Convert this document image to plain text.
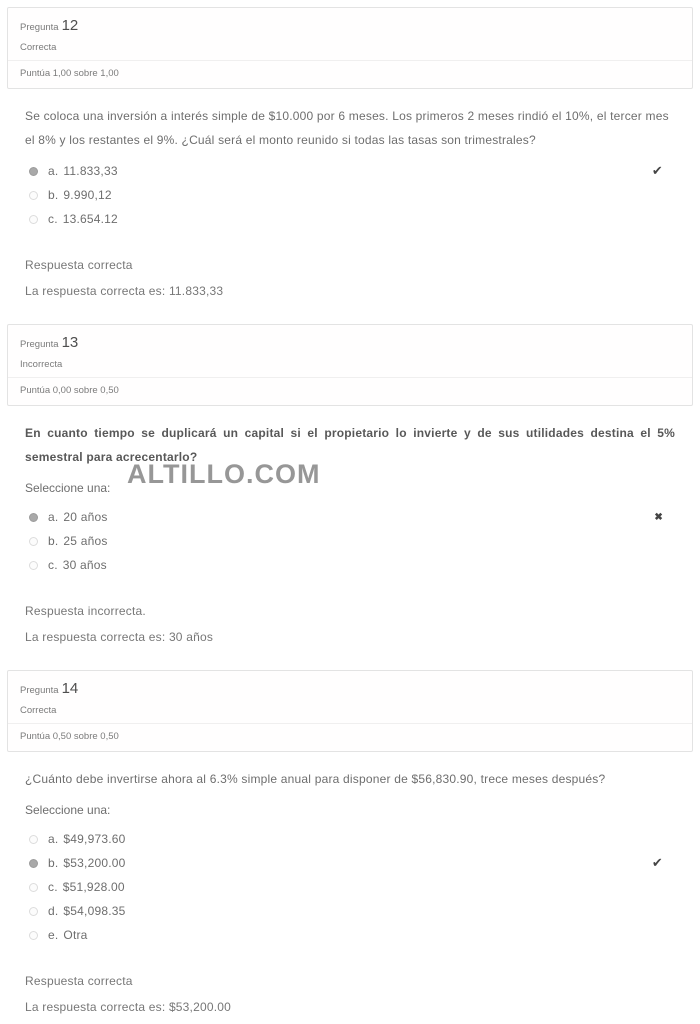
Pregunta 12
Correcta
Puntúa 1,00 sobre 1,00
Se coloca una inversión a interés simple de $10.000 por 6 meses. Los primeros 2 meses rindió el 10%, el tercer mes el 8% y los restantes el 9%. ¿Cuál será el monto reunido si todas las tasas son trimestrales?
a. 11.833,33	✔
b. 9.990,12
c. 13.654.12
Respuesta correcta
La respuesta correcta es: 11.833,33
Pregunta 13
Incorrecta
Puntúa 0,00 sobre 0,50
En cuanto tiempo se duplicará un capital si el propietario lo invierte y de sus utilidades destina el 5% semestral para acrecentarlo?
ALTILLO.COM
Seleccione una:
a. 20 años	✖
b. 25 años
c. 30 años
Respuesta incorrecta.
La respuesta correcta es: 30 años
Pregunta 14
Correcta
Puntúa 0,50 sobre 0,50
¿Cuánto debe invertirse ahora al 6.3% simple anual para disponer de $56,830.90, trece meses después?
Seleccione una:
a. $49,973.60
b. $53,200.00	✔
c. $51,928.00
d. $54,098.35
e. Otra
Respuesta correcta
La respuesta correcta es: $53,200.00
